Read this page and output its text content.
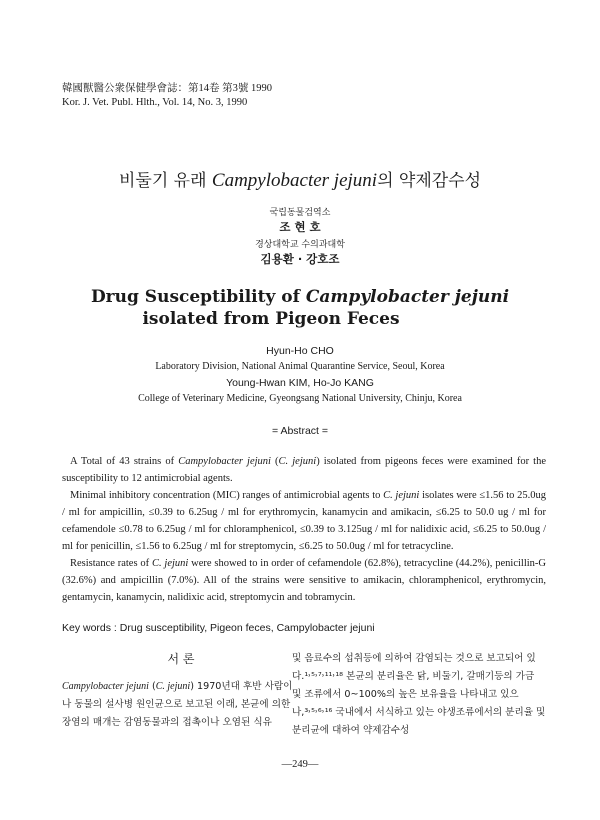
韓國獸醫公衆保健學會誌：第14卷 第3號 1990
Kor. J. Vet. Publ. Hlth., Vol. 14, No. 3, 1990
비둘기 유래 Campylobacter jejuni의 약제감수성
국립동물검역소
조 현 호
경상대학교 수의과대학
김용환 · 강호조
Drug Susceptibility of Campylobacter jejuni
isolated from Pigeon Feces
Hyun-Ho CHO
Laboratory Division, National Animal Quarantine Service, Seoul, Korea
Young-Hwan KIM, Ho-Jo KANG
College of Veterinary Medicine, Gyeongsang National University, Chinju, Korea
= Abstract =

A Total of 43 strains of Campylobacter jejuni (C. jejuni) isolated from pigeons feces were examined for the susceptibility to 12 antimicrobial agents.

Minimal inhibitory concentration (MIC) ranges of antimicrobial agents to C. jejuni isolates were ≤1.56 to 25.0ug / ml for ampicillin, ≤0.39 to 6.25ug / ml for erythromycin, kanamycin and amikacin, ≤6.25 to 50.0 ug / ml for cefamendole ≤0.78 to 6.25ug / ml for chloramphenicol, ≤0.39 to 3.125ug / ml for nalidixic acid, ≤6.25 to 50.0ug / ml for penicillin, ≤1.56 to 6.25ug / ml for streptomycin, ≤6.25 to 50.0ug / ml for tetracycline.

Resistance rates of C. jejuni were showed to in order of cefamendole (62.8%), tetracycline (44.2%), penicillin-G (32.6%) and ampicillin (7.0%). All of the strains were sensitive to amikacin, chloramphenicol, erythromycin, gentamycin, kanamycin, nalidixic acid, streptomycin and tobramycin.

Key words : Drug susceptibility, Pigeon feces, Campylobacter jejuni
서 론

Campylobacter jejuni (C. jejuni) 1970년대 후반 사람이나 동물의 설사병 원인균으로 보고된 이래, 본균에 의한 장염의 매개는 감염동물과의 접촉이나 오염된 식유

및 음료수의 섭취등에 의하여 감염되는 것으로 보고되어 있다.¹˒⁵˒⁷˒¹¹˒¹⁸ 본균의 분리율은 닭, 비둘기, 갈매기등의 가금 및 조류에서 0~100%의 높은 보유율을 나타내고 있으나,³˒⁵˒⁶˒¹⁶ 국내에서 서식하고 있는 야생조류에서의 분리율 및 분리균에 대하여 약제감수성

—249—
